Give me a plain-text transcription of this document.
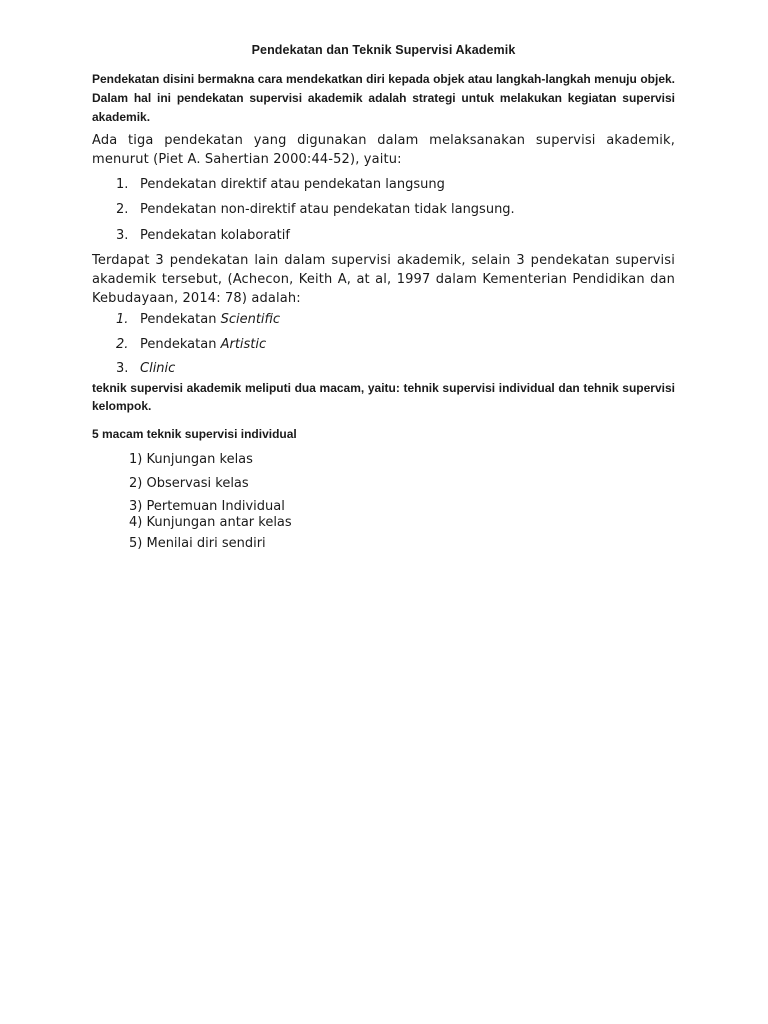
Pendekatan dan Teknik Supervisi Akademik
Pendekatan disini bermakna cara mendekatkan diri kepada objek atau langkah-langkah menuju objek. Dalam hal ini pendekatan supervisi akademik adalah strategi untuk melakukan kegiatan supervisi akademik.
Ada tiga pendekatan yang digunakan dalam melaksanakan supervisi akademik, menurut (Piet A. Sahertian 2000:44-52), yaitu:
1. Pendekatan direktif atau pendekatan langsung
2. Pendekatan non-direktif atau pendekatan tidak langsung.
3. Pendekatan kolaboratif
Terdapat 3 pendekatan lain dalam supervisi akademik, selain 3 pendekatan supervisi akademik tersebut, (Achecon, Keith A, at al, 1997 dalam Kementerian Pendidikan dan Kebudayaan, 2014: 78) adalah:
1. Pendekatan Scientific
2. Pendekatan Artistic
3. Clinic
teknik supervisi akademik meliputi dua macam, yaitu: tehnik supervisi individual dan tehnik supervisi kelompok.
5 macam teknik supervisi individual
1) Kunjungan kelas
2) Observasi kelas
3) Pertemuan Individual
4) Kunjungan antar kelas
5) Menilai diri sendiri
